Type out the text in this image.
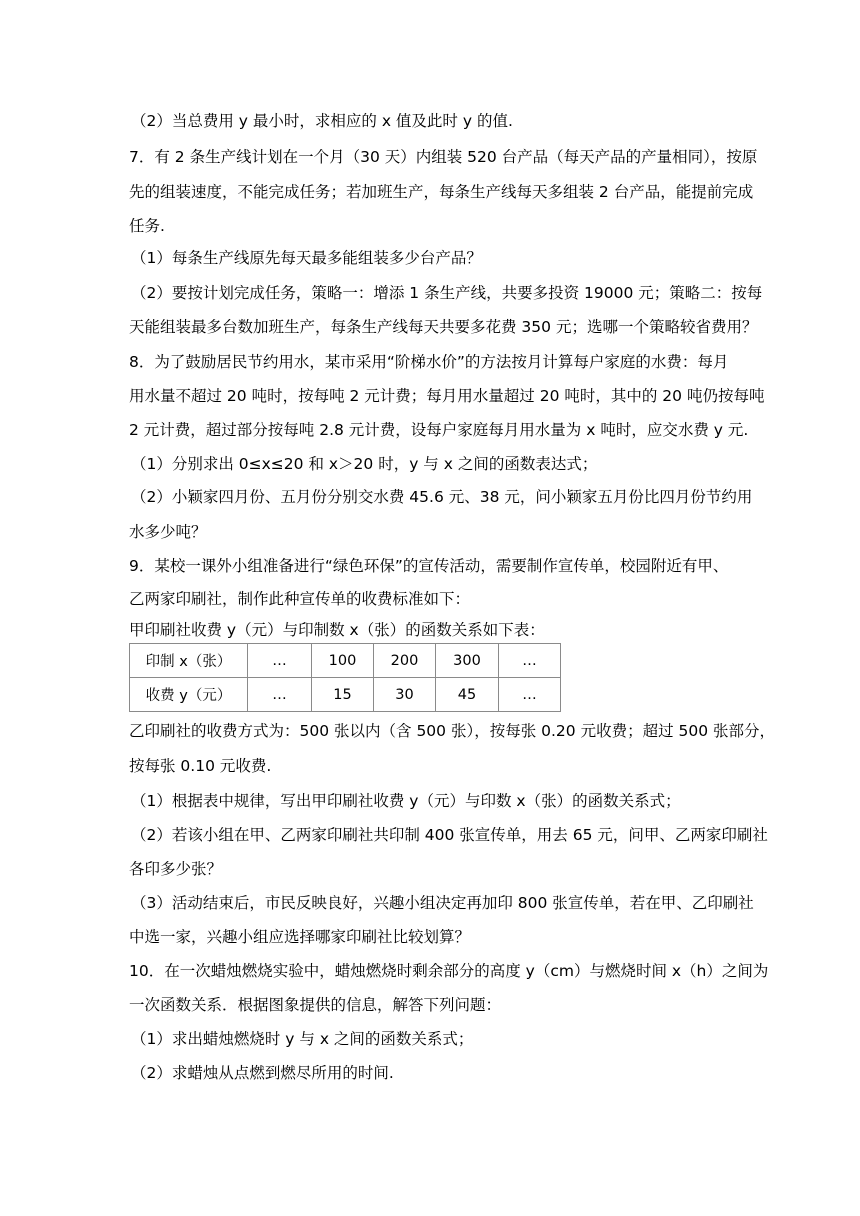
（2）当总费用 y 最小时，求相应的 x 值及此时 y 的值.
7．有 2 条生产线计划在一个月（30 天）内组装 520 台产品（每天产品的产量相同），按原
先的组装速度，不能完成任务；若加班生产，每条生产线每天多组装 2 台产品，能提前完成
任务.
（1）每条生产线原先每天最多能组装多少台产品？
（2）要按计划完成任务，策略一：增添 1 条生产线，共要多投资 19000 元；策略二：按每
天能组装最多台数加班生产，每条生产线每天共要多花费 350 元；选哪一个策略较省费用？
8．为了鼓励居民节约用水，某市采用“阶梯水价”的方法按月计算每户家庭的水费：每月
用水量不超过 20 吨时，按每吨 2 元计费；每月用水量超过 20 吨时，其中的 20 吨仍按每吨
2 元计费，超过部分按每吨 2.8 元计费，设每户家庭每月用水量为 x 吨时，应交水费 y 元.
（1）分别求出 0≤x≤20 和 x＞20 时，y 与 x 之间的函数表达式；
（2）小颖家四月份、五月份分别交水费 45.6 元、38 元，问小颖家五月份比四月份节约用
水多少吨？
9．某校一课外小组准备进行“绿色环保”的宣传活动，需要制作宣传单，校园附近有甲、
乙两家印刷社，制作此种宣传单的收费标准如下：
甲印刷社收费 y（元）与印制数 x（张）的函数关系如下表：
印制 x（张）	…	100	200	300	…
收费 y（元）	…	15	30	45	…
乙印刷社的收费方式为：500 张以内（含 500 张），按每张 0.20 元收费；超过 500 张部分，
按每张 0.10 元收费.
（1）根据表中规律，写出甲印刷社收费 y（元）与印数 x（张）的函数关系式；
（2）若该小组在甲、乙两家印刷社共印制 400 张宣传单，用去 65 元，问甲、乙两家印刷社
各印多少张？
（3）活动结束后，市民反映良好，兴趣小组决定再加印 800 张宣传单，若在甲、乙印刷社
中选一家，兴趣小组应选择哪家印刷社比较划算？
10．在一次蜡烛燃烧实验中，蜡烛燃烧时剩余部分的高度 y（cm）与燃烧时间 x（h）之间为
一次函数关系．根据图象提供的信息，解答下列问题：
（1）求出蜡烛燃烧时 y 与 x 之间的函数关系式；
（2）求蜡烛从点燃到燃尽所用的时间.
